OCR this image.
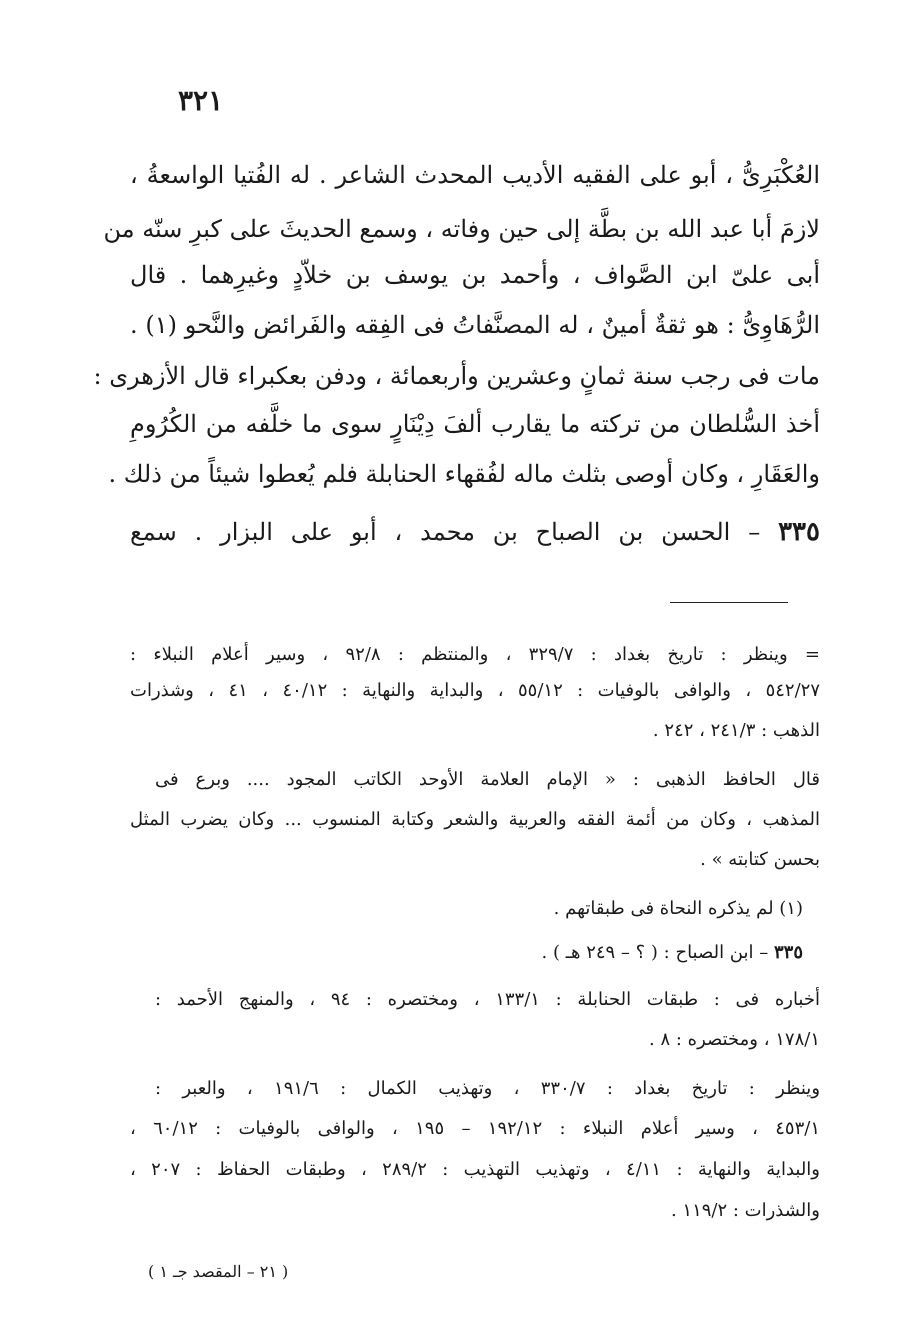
٣٢١
العُكْبَرِىُّ ، أبو على الفقيه الأديب المحدث الشاعر . له الفُتيا الواسعةُ ،
لازمَ أبا عبد الله بن بطَّة إلى حين وفاته ، وسمع الحديثَ على كبرِ سنّه من
أبى علىّ ابن الصَّواف ، وأحمد بن يوسف بن خلاّدٍ وغيرِهما . قال
الرُّهَاوِىُّ : هو ثقةٌ أمينٌ ، له المصنَّفاتُ فى الفِقه والفَرائض والنَّحو (١) .
مات فى رجب سنة ثمانٍ وعشرين وأربعمائة ، ودفن بعكبراء قال الأزهرى :
أخذ السُّلطان من تركته ما يقارب ألفَ دِيْنَارٍ سوى ما خلَّفه من الكُرُومِ
والعَقَارِ ، وكان أوصى بثلث ماله لفُقهاء الحنابلة فلم يُعطوا شيئاً من ذلك .
٣٣٥ – الحسن بن الصباح بن محمد ، أبو على البزار . سمع
= وينظر : تاريخ بغداد : ٣٢٩/٧ ، والمنتظم : ٩٢/٨ ، وسير أعلام النبلاء :
٥٤٢/٢٧ ، والوافى بالوفيات : ٥٥/١٢ ، والبداية والنهاية : ٤٠/١٢ ، ٤١ ، وشذرات
الذهب : ٢٤١/٣ ، ٢٤٢ .
قال الحافظ الذهبى : « الإمام العلامة الأوحد الكاتب المجود .... وبرع فى
المذهب ، وكان من أئمة الفقه والعربية والشعر وكتابة المنسوب ... وكان يضرب المثل
بحسن كتابته » .
(١) لم يذكره النحاة فى طبقاتهم .
٣٣٥ – ابن الصباح : ( ؟ – ٢٤٩ هـ ) .
أخباره فى : طبقات الحنابلة : ١٣٣/١ ، ومختصره : ٩٤ ، والمنهج الأحمد :
١٧٨/١ ، ومختصره : ٨ .
وينظر : تاريخ بغداد : ٣٣٠/٧ ، وتهذيب الكمال : ١٩١/٦ ، والعبر :
٤٥٣/١ ، وسير أعلام النبلاء : ١٩٢/١٢ – ١٩٥ ، والوافى بالوفيات : ٦٠/١٢ ،
والبداية والنهاية : ٤/١١ ، وتهذيب التهذيب : ٢٨٩/٢ ، وطبقات الحفاظ : ٢٠٧ ،
والشذرات : ١١٩/٢ .
( ٢١ – المقصد جـ ١ )
